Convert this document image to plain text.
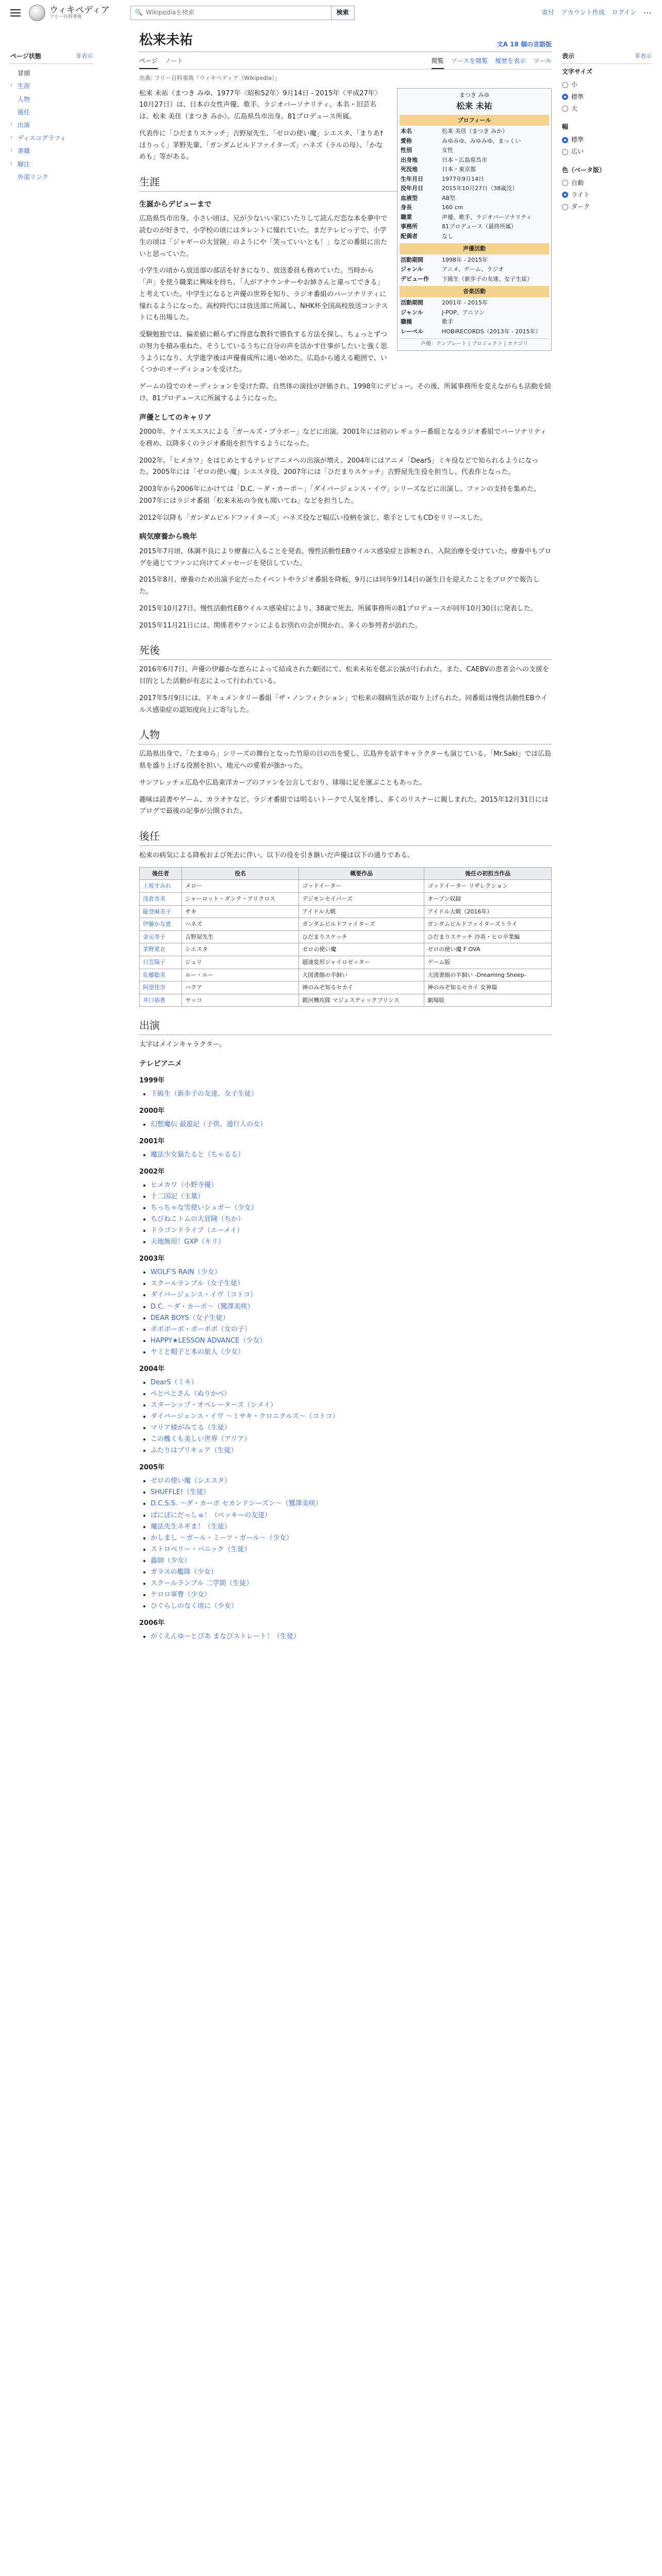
ウィキペディア
フリー百科事典
🔍 Wikipediaを検索	検索	寄付 アカウント作成 ログイン ⋯
ページ状態	非表示
冒頭
› 生涯
人物
後任
› 出演
› ディスコグラフィ
› 書籍
› 脚注
外部リンク
松来未祐	文A 18 個の言語版
ページ ノート	閲覧 ソースを閲覧 履歴を表示 ツール
出典: フリー百科事典『ウィキペディア（Wikipedia）』
まつき みゆ
松来 未祐
プロフィール
本名	松来 美佳（まつき みか）
愛称	みゆみゆ、みゆみゆ、まっくい
性別	女性
出身地	日本・広島県呉市
死没地	日本・東京都
生年月日	1977年9月14日
没年月日	2015年10月27日（38歳没）
血液型	AB型
身長	160 cm
職業	声優、歌手、ラジオパーソナリティ
事務所	81プロデュース（最終所属）
配偶者	なし
声優活動
活動期間	1998年 - 2015年
ジャンル	アニメ、ゲーム、ラジオ
デビュー作	下級生（新歩子の友達、女子生徒）
音楽活動
活動期間	2001年 - 2015年
ジャンル	J-POP、アニソン
職種	歌手
レーベル	HOBiRECORDS（2013年 - 2015年）
声優：テンプレート | プロジェクト | カテゴリ

松来 未祐（まつき みゆ、1977年〈昭和52年〉9月14日 - 2015年〈平成27年〉10月27日）は、日本の女性声優、歌手、ラジオパーソナリティ。本名・旧芸名は、松来 美佳（まつき みか）。広島県呉市出身。81プロデュース所属。

代表作に「ひだまりスケッチ」吉野屋先生、「ゼロの使い魔」シエスタ、「まりあ†ほりっく」茅野先輩、「ガンダムビルドファイターズ」ハネズ（ラルの母）、「かなめも」等がある。

生涯
生誕からデビューまで

広島県呉市出身。小さい頃は、兄が少ないい家にいたりして読んだ恋な本を夢中で読むのが好きで、小学校の頃にはタレントに憧れていた。まだテレビっ子で、小学生の頃は「ジャギーの大冒険」のようにや「笑っていいとも！」などの番組に出たいと思っていた。

小学生の頃から放送部の部活を好きになり、放送委員も務めていた。当時から「声」を使う職業に興味を持ち、「人がアナウンサーやお姉さんと違ってできる」と考えていた。中学生になると声優の世界を知り、ラジオ番組のパーソナリティに憧れるようになった。高校時代には放送部に所属し、NHK杯全国高校放送コンテストにも出場した。

受験勉独では、偏差値に頼らずに得意な教科で勝負する方法を探し、ちょっとずつの努力を積み重ねた。そうしているうちに自分の声を活かす仕事がしたいと強く思うようになり、大学進学後は声優養成所に通い始めた。広島から通える範囲で、いくつかのオーディションを受けた。

ゲームの役でのオーディションを受けた際、自然体の演技が評価され、1998年にデビュー。その後、所属事務所を変えながらも活動を続け、81プロデュースに所属するようになった。

声優としてのキャリア

2000年、ケイエスエスによる「ガールズ・ブラボー」などに出演。2001年には初のレギュラー番組となるラジオ番組でパーソナリティを務め、以降多くのラジオ番組を担当するようになった。

2002年、「ヒメカワ」をはじめとするテレビアニメへの出演が増え、2004年にはアニメ「DearS」ミキ役などで知られるようになった。2005年には「ゼロの使い魔」シエスタ役、2007年には「ひだまりスケッチ」吉野屋先生役を担当し、代表作となった。

2003年から2006年にかけては「D.C. 〜ダ・カーポ〜」「ダイバージェンス・イヴ」シリーズなどに出演し、ファンの支持を集めた。2007年にはラジオ番組「松来未祐の今夜も聞いてね」などを担当した。

2012年以降も「ガンダムビルドファイターズ」ハネズ役など幅広い役柄を演じ、歌手としてもCDをリリースした。

病気療養から晩年

2015年7月頃、体調不良により療養に入ることを発表。慢性活動性EBウイルス感染症と診断され、入院治療を受けていた。療養中もブログを通じてファンに向けてメッセージを発信していた。

2015年8月、療養のため出演予定だったイベントやラジオ番組を降板。9月には同年9月14日の誕生日を迎えたことをブログで報告した。

2015年10月27日、慢性活動性EBウイルス感染症により、38歳で死去。所属事務所の81プロデュースが同年10月30日に発表した。

2015年11月21日には、関係者やファンによるお別れの会が開かれ、多くの参列者が訪れた。

死後

2016年6月7日、声優の伊藤かな恵らによって結成された劇団にて、松来未祐を偲ぶ公演が行われた。また、CAEBVの患者会への支援を目的とした活動が有志によって行われている。

2017年5月9日には、ドキュメンタリー番組「ザ・ノンフィクション」で松来の闘病生活が取り上げられた。同番組は慢性活動性EBウイルス感染症の認知度向上に寄与した。

人物

広島県出身で、「たまゆら」シリーズの舞台となった竹原の日の出を愛し、広島弁を話すキャラクターも演じている。「Mr.Saki」では広島県を盛り上げる役割を担い、地元への愛着が強かった。

サンフレッチェ広島や広島東洋カープのファンを公言しており、球場に足を運ぶこともあった。

趣味は読書やゲーム、カラオケなど。ラジオ番組では明るいトークで人気を博し、多くのリスナーに親しまれた。2015年12月31日にはブログで最後の記事が公開された。

後任

松来の病気による降板および死去に伴い、以下の役を引き継いだ声優は以下の通りである。

後任者	役名	概要作品	後任の初担当作品
上坂すみれ	メロー	ゴッドイーター	ゴッドイーター リザレクション
浅倉杏美	シャーロット・ダンテ・アリクロス	デジモンセイバーズ	オープン収録
能登麻美子	サキ	アイドル大戦	アイドル大戦（2016年）
伊藤かな恵	ハネズ	ガンダムビルドファイターズ	ガンダムビルドファイターズトライ
金元寿子	吉野屋先生	ひだまりスケッチ	ひだまりスケッチ 沙英・ヒロ卒業編
茅野愛衣	シエスタ	ゼロの使い魔	ゼロの使い魔 F OVA
日笠陽子	ジュリ	超速変形ジャイロゼッター	ゲーム版
佐藤聡美	ルー・ルー	大図書館の羊飼い	大図書館の羊飼い -Dreaming Sheep-
阿澄佳奈	ハクア	神のみぞ知るセカイ	神のみぞ知るセカイ 女神篇
井口裕香	ヤッコ	銀河機攻隊 マジェスティックプリンス	劇場版
出演

太字はメインキャラクター。

テレビアニメ
1999年
• 下級生（新歩子の友達、女子生徒）
2000年
• 幻想魔伝 最遊記（子供、通行人の女）
2001年
• 魔法少女猫たると（ちゃるる）
2002年
• ヒメカワ（小野寺優）
• 十二国記（玉葉）
• ちっちゃな雪使いシュガー（少女）
• ちびねこトムの大冒険（ちか）
• ドラゴンドライブ（エーメイ）
• 天地無用！GXP（キリ）
2003年
• WOLF'S RAIN（少女）
• スクールランブル（女子生徒）
• ダイバージェンス・イヴ（コトコ）
• D.C. 〜ダ・カーポ〜（鷺澤美咲）
• DEAR BOYS（女子生徒）
• ボボボーボ・ボーボボ（女の子）
• HAPPY★LESSON ADVANCE（少女）
• ヤミと帽子と本の旅人（少女）
2004年
• DearS（ミキ）
• ぺとぺとさん（ぬりかべ）
• スターシップ・オペレーターズ（シメイ）
• ダイバージェンス・イヴ 〜ミサキ・クロニクルズ〜（コトコ）
• マリア様がみてる（生徒）
• この醜くも美しい世界（アリア）
• ふたりはプリキュア（生徒）
2005年
• ゼロの使い魔（シエスタ）
• SHUFFLE!（生徒）
• D.C.S.S. 〜ダ・カーポ セカンドシーズン〜（鷺澤美咲）
• ぱにぽにだっしゅ！（ベッキーの友達）
• 魔法先生ネギま！（生徒）
• かしまし 〜ガール・ミーツ・ガール〜（少女）
• ストロベリー・パニック（生徒）
• 蟲師（少女）
• ガラスの艦隊（少女）
• スクールランブル 二学期（生徒）
• ケロロ軍曹（少女）
• ひぐらしのなく頃に（少女）
2006年
• がくえんゆーとぴあ まなびストレート！（生徒）
表示	非表示
文字サイズ
小
標準
大
幅
標準
広い
色（ベータ版）
自動
ライト
ダーク
